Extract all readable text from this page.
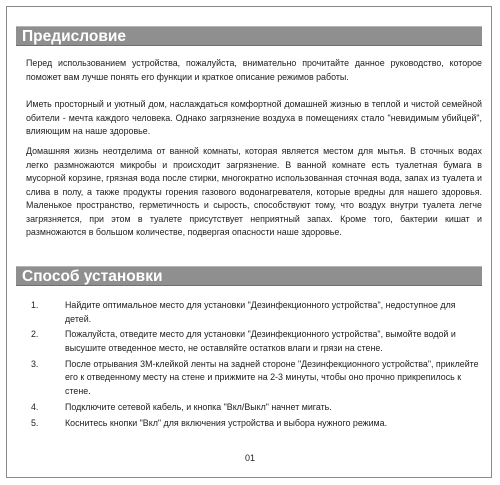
Предисловие

Перед использованием устройства, пожалуйста, внимательно прочитайте данное руководство, которое поможет вам лучше понять его функции и краткое описание режимов работы.

Иметь просторный и уютный дом, наслаждаться комфортной домашней жизнью в теплой и чистой семейной обители - мечта каждого человека. Однако загрязнение воздуха в помещениях стало "невидимым убийцей", влияющим на наше здоровье.

Домашняя жизнь неотделима от ванной комнаты, которая является местом для мытья. В сточных водах легко размножаются микробы и происходит загрязнение. В ванной комнате есть туалетная бумага в мусорной корзине, грязная вода после стирки, многократно использованная сточная вода, запах из туалета и слива в полу, а также продукты горения газового водонагревателя, которые вредны для нашего здоровья. Маленькое пространство, герметичность и сырость, способствуют тому, что воздух внутри туалета легче загрязняется, при этом в туалете присутствует неприятный запах. Кроме того, бактерии кишат и размножаются в большом количестве, подвергая опасности наше здоровье.

Способ установки
1.	Найдите оптимальное место для установки "Дезинфекционного устройства", недоступное для детей.
2.	Пожалуйста, отведите место для установки "Дезинфекционного устройства", вымойте водой и высушите отведенное место, не оставляйте остатков влаги и грязи на стене.
3.	После отрывания 3М-клейкой ленты на задней стороне "Дезинфекционного устройства", приклейте его к отведенному месту на стене и прижмите на 2-3 минуты, чтобы оно прочно прикрепилось к стене.
4.	Подключите сетевой кабель, и кнопка "Вкл/Выкл" начнет мигать.
5.	Коснитесь кнопки "Вкл" для включения устройства и выбора нужного режима.
01
